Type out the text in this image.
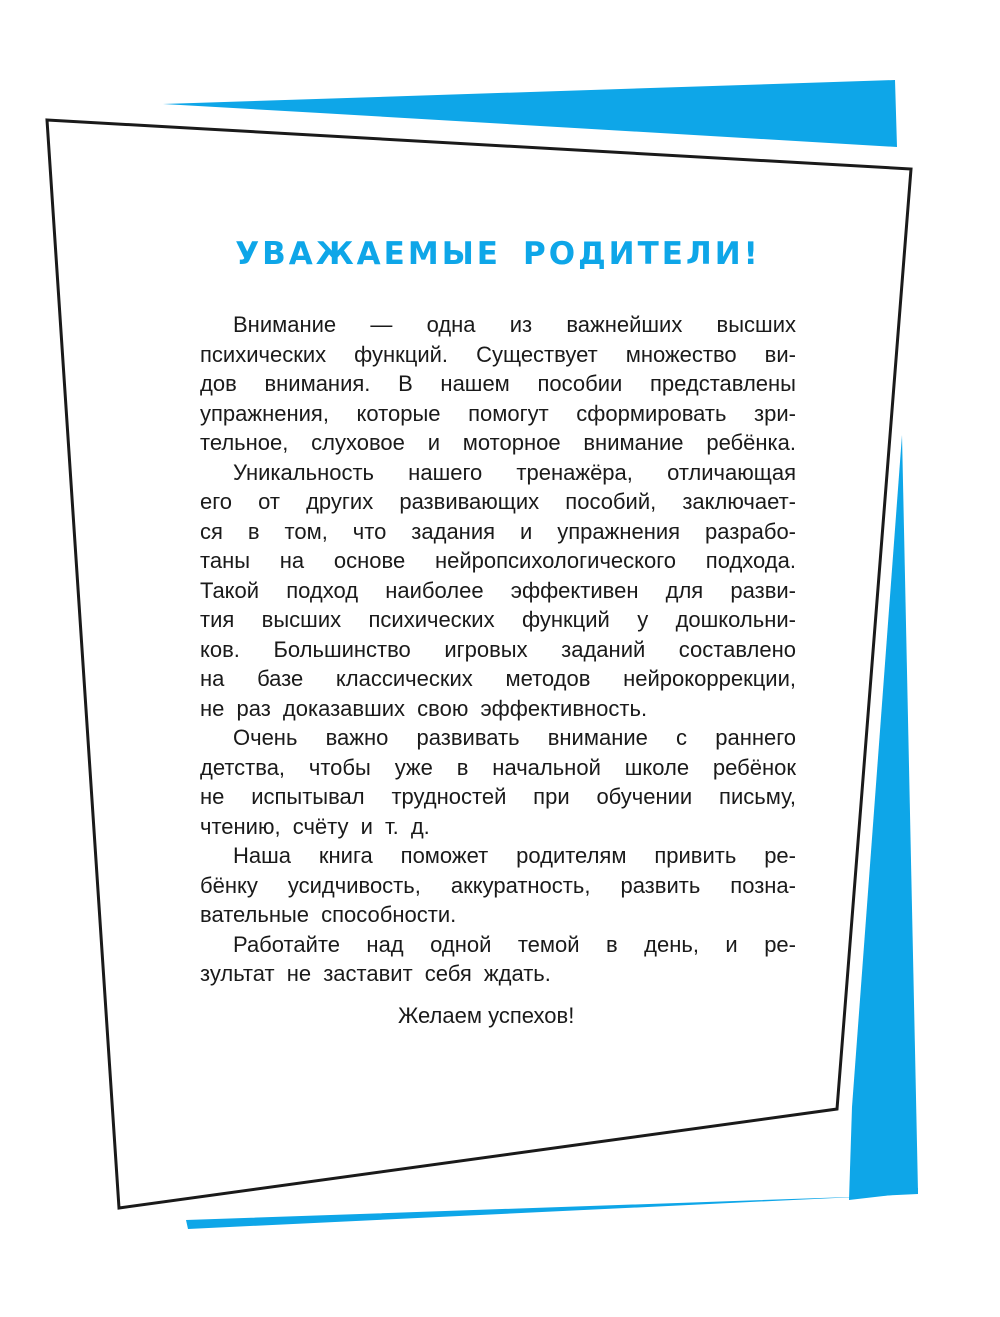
УВАЖАЕМЫЕ РОДИТЕЛИ!
Внимание — одна из важнейших высших
психических функций. Существует множество ви-
дов внимания. В нашем пособии представлены
упражнения, которые помогут сформировать зри-
тельное, слуховое и моторное внимание ребёнка.
Уникальность нашего тренажёра, отличающая
его от других развивающих пособий, заключает-
ся в том, что задания и упражнения разрабо-
таны на основе нейропсихологического подхода.
Такой подход наиболее эффективен для разви-
тия высших психических функций у дошкольни-
ков. Большинство игровых заданий составлено
на базе классических методов нейрокоррекции,
не раз доказавших свою эффективность.
Очень важно развивать внимание с раннего
детства, чтобы уже в начальной школе ребёнок
не испытывал трудностей при обучении письму,
чтению, счёту и т. д.
Наша книга поможет родителям привить ре-
бёнку усидчивость, аккуратность, развить позна-
вательные способности.
Работайте над одной темой в день, и ре-
зультат не заставит себя ждать.
Желаем успехов!
